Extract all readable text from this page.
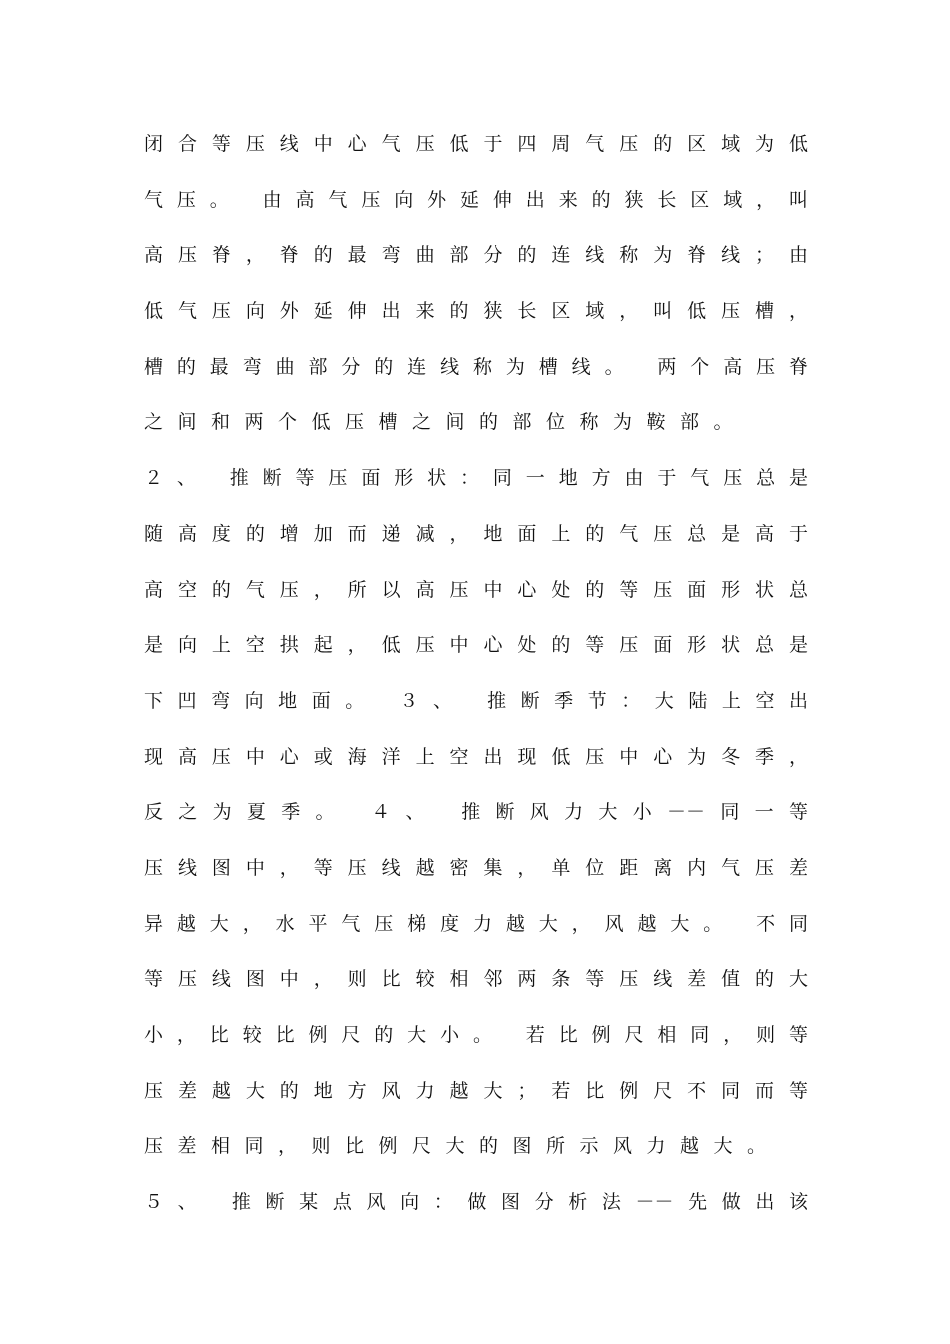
闭合等压线中心气压低于四周气压的区域为低
气压。 由高气压向外延伸出来的狭长区域，叫
高压脊，脊的最弯曲部分的连线称为脊线；由
低气压向外延伸出来的狭长区域，叫低压槽，
槽的最弯曲部分的连线称为槽线。 两个高压脊
之间和两个低压槽之间的部位称为鞍部。
２、 推断等压面形状：同一地方由于气压总是
随高度的增加而递减，地面上的气压总是高于
高空的气压，所以高压中心处的等压面形状总
是向上空拱起，低压中心处的等压面形状总是
下凹弯向地面。 ３、 推断季节：大陆上空出
现高压中心或海洋上空出现低压中心为冬季，
反之为夏季。 ４、 推断风力大小－－同一等
压线图中，等压线越密集，单位距离内气压差
异越大，水平气压梯度力越大，风越大。 不同
等压线图中，则比较相邻两条等压线差值的大
小，比较比例尺的大小。 若比例尺相同，则等
压差越大的地方风力越大；若比例尺不同而等
压差相同，则比例尺大的图所示风力越大。
５、 推断某点风向：做图分析法－－先做出该
